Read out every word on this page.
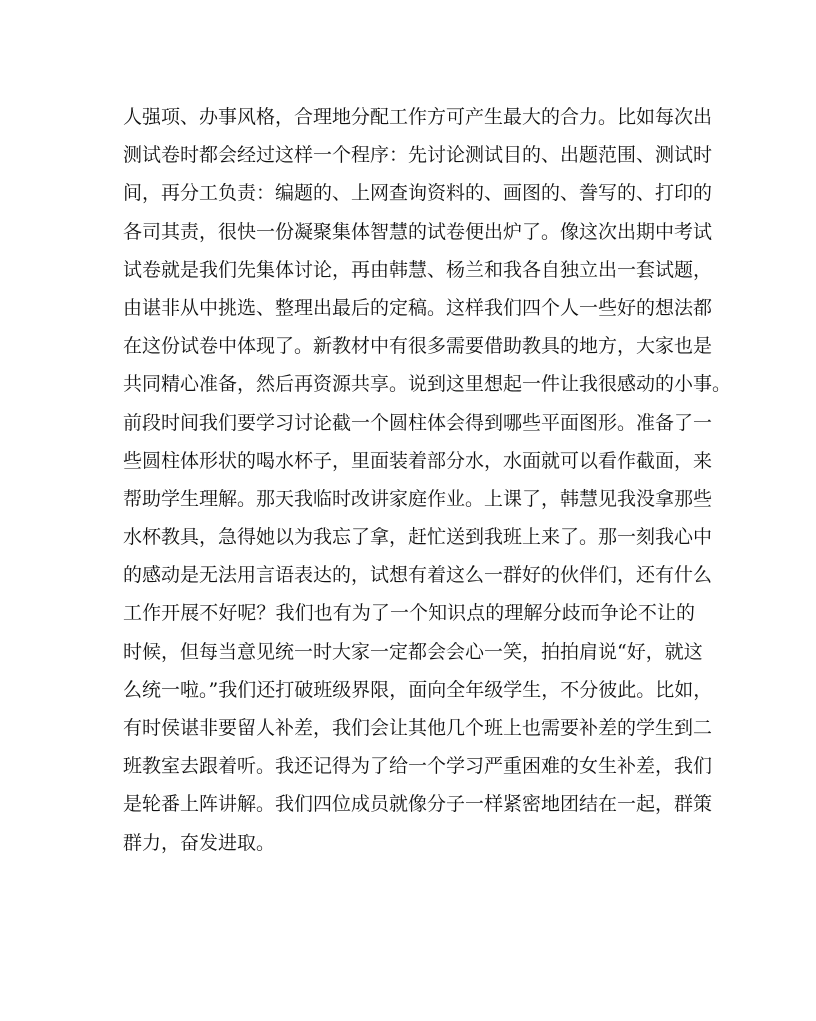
人强项、办事风格，合理地分配工作方可产生最大的合力。比如每次出
测试卷时都会经过这样一个程序：先讨论测试目的、出题范围、测试时
间，再分工负责：编题的、上网查询资料的、画图的、誊写的、打印的
各司其责，很快一份凝聚集体智慧的试卷便出炉了。像这次出期中考试
试卷就是我们先集体讨论，再由韩慧、杨兰和我各自独立出一套试题，
由谌非从中挑选、整理出最后的定稿。这样我们四个人一些好的想法都
在这份试卷中体现了。新教材中有很多需要借助教具的地方，大家也是
共同精心准备，然后再资源共享。说到这里想起一件让我很感动的小事。
前段时间我们要学习讨论截一个圆柱体会得到哪些平面图形。准备了一
些圆柱体形状的喝水杯子，里面装着部分水，水面就可以看作截面，来
帮助学生理解。那天我临时改讲家庭作业。上课了，韩慧见我没拿那些
水杯教具，急得她以为我忘了拿，赶忙送到我班上来了。那一刻我心中
的感动是无法用言语表达的，试想有着这么一群好的伙伴们，还有什么
工作开展不好呢？我们也有为了一个知识点的理解分歧而争论不让的
时候，但每当意见统一时大家一定都会会心一笑，拍拍肩说“好，就这
么统一啦。”我们还打破班级界限，面向全年级学生，不分彼此。比如，
有时侯谌非要留人补差，我们会让其他几个班上也需要补差的学生到二
班教室去跟着听。我还记得为了给一个学习严重困难的女生补差，我们
是轮番上阵讲解。我们四位成员就像分子一样紧密地团结在一起，群策
群力，奋发进取。
